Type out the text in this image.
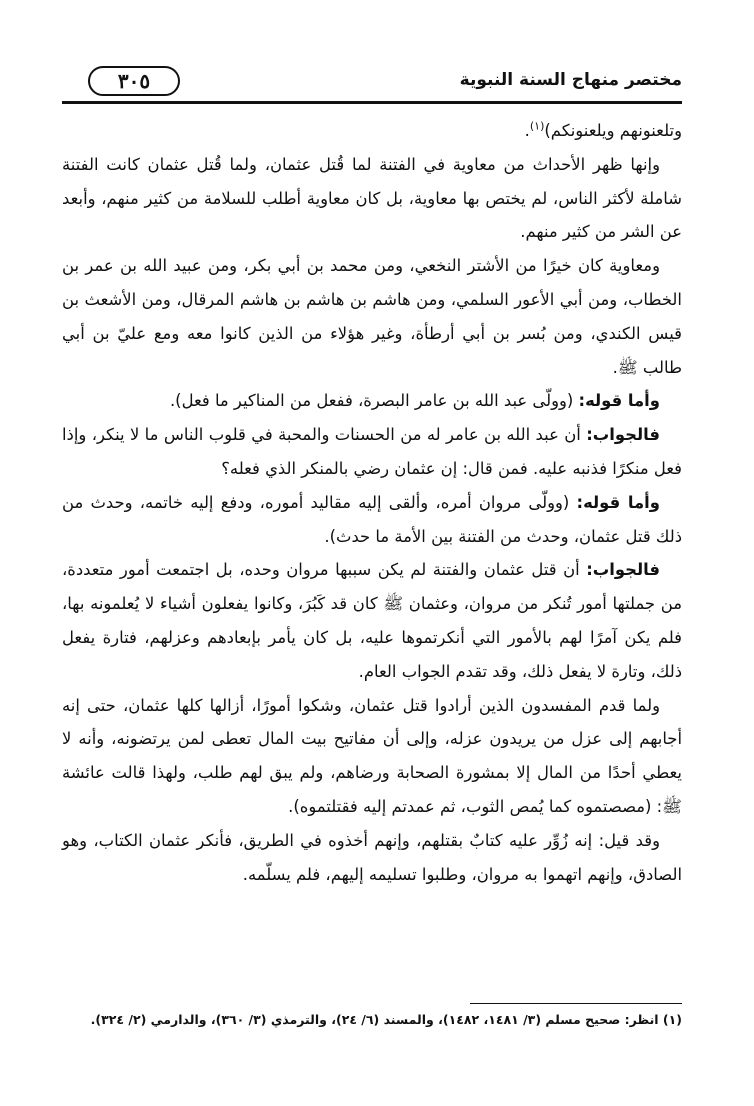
٣٠٥	مختصر منهاج السنة النبوية

وتلعنونهم ويلعنونكم)$^{(١)}$.

وإنها ظهر الأحداث من معاوية في الفتنة لما قُتل عثمان، ولما قُتل عثمان كانت الفتنة شاملة لأكثر الناس، لم يختص بها معاوية، بل كان معاوية أطلب للسلامة من كثير منهم، وأبعد عن الشر من كثير منهم.

ومعاوية كان خيرًا من الأشتر النخعي، ومن محمد بن أبي بكر، ومن عبيد الله بن عمر بن الخطاب، ومن أبي الأعور السلمي، ومن هاشم بن هاشم بن هاشم المرقال، ومن الأشعث بن قيس الكندي، ومن بُسر بن أبي أرطأة، وغير هؤلاء من الذين كانوا معه ومع عليّ بن أبي طالب ﷺ.

وأما قوله: (وولّى عبد الله بن عامر البصرة، ففعل من المناكير ما فعل).

فالجواب: أن عبد الله بن عامر له من الحسنات والمحبة في قلوب الناس ما لا ينكر، وإذا فعل منكرًا فذنبه عليه. فمن قال: إن عثمان رضي بالمنكر الذي فعله؟

وأما قوله: (وولّى مروان أمره، وألقى إليه مقاليد أموره، ودفع إليه خاتمه، وحدث من ذلك قتل عثمان، وحدث من الفتنة بين الأمة ما حدث).

فالجواب: أن قتل عثمان والفتنة لم يكن سببها مروان وحده، بل اجتمعت أمور متعددة، من جملتها أمور تُنكر من مروان، وعثمان ﷺ كان قد كَبُرَ، وكانوا يفعلون أشياء لا يُعلمونه بها، فلم يكن آمرًا لهم بالأمور التي أنكرتموها عليه، بل كان يأمر بإبعادهم وعزلهم، فتارة يفعل ذلك، وتارة لا يفعل ذلك، وقد تقدم الجواب العام.

ولما قدم المفسدون الذين أرادوا قتل عثمان، وشكوا أمورًا، أزالها كلها عثمان، حتى إنه أجابهم إلى عزل من يريدون عزله، وإلى أن مفاتيح بيت المال تعطى لمن يرتضونه، وأنه لا يعطي أحدًا من المال إلا بمشورة الصحابة ورضاهم، ولم يبق لهم طلب، ولهذا قالت عائشة ﷺ: (مصصتموه كما يُمص الثوب، ثم عمدتم إليه فقتلتموه).

وقد قيل: إنه زُوِّر عليه كتابٌ بقتلهم، وإنهم أخذوه في الطريق، فأنكر عثمان الكتاب، وهو الصادق، وإنهم اتهموا به مروان، وطلبوا تسليمه إليهم، فلم يسلّمه.

(١) انظر: صحيح مسلم (٣/ ١٤٨١، ١٤٨٢)، والمسند (٦/ ٢٤)، والترمذي (٣/ ٣٦٠)، والدارمي (٢/ ٣٢٤).
